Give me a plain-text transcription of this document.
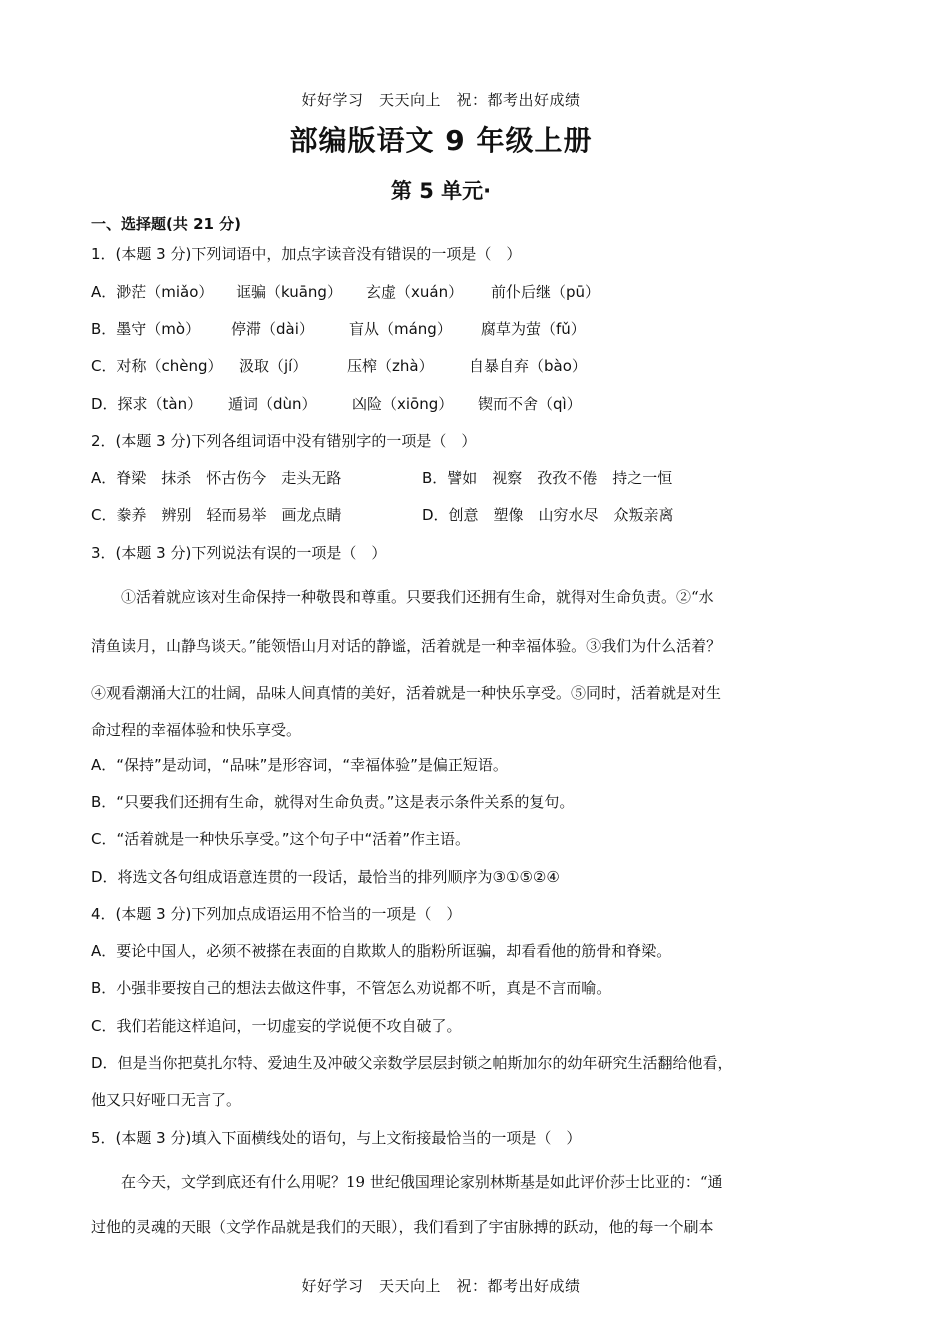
好好学习　天天向上　祝：都考出好成绩
部编版语文 9 年级上册
第 5 单元·
一、选择题(共 21 分)
1．(本题 3 分)下列词语中，加点字读音没有错误的一项是（　）
A．渺茫（miǎo） 诓骗（kuāng） 玄虚（xuán） 前仆后继（pū）
B．墨守（mò） 停滞（dài） 盲从（máng） 腐草为萤（fǔ）
C．对称（chèng） 汲取（jí）	压榨（zhà） 自暴自弃（bào）
D．探求（tàn） 遁词（dùn） 凶险（xiōng） 锲而不舍（qì）
2．(本题 3 分)下列各组词语中没有错别字的一项是（　）
A．脊梁　抹杀　怀古伤今　走头无路	B．譬如　视察　孜孜不倦　持之一恒
C．豢养　辨别　轻而易举　画龙点睛	D．创意　塑像　山穷水尽　众叛亲离
3．(本题 3 分)下列说法有误的一项是（　）
　　①活着就应该对生命保持一种敬畏和尊重。只要我们还拥有生命，就得对生命负责。②“水
清鱼读月，山静鸟谈天。”能领悟山月对话的静谧，活着就是一种幸福体验。③我们为什么活着？
④观看潮涌大江的壮阔，品味人间真情的美好，活着就是一种快乐享受。⑤同时，活着就是对生
命过程的幸福体验和快乐享受。
A．“保持”是动词，“品味”是形容词，“幸福体验”是偏正短语。
B．“只要我们还拥有生命，就得对生命负责。”这是表示条件关系的复句。
C．“活着就是一种快乐享受。”这个句子中“活着”作主语。
D．将选文各句组成语意连贯的一段话，最恰当的排列顺序为③①⑤②④
4．(本题 3 分)下列加点成语运用不恰当的一项是（　）
A．要论中国人，必须不被搽在表面的自欺欺人的脂粉所诓骗，却看看他的筋骨和脊梁。
B．小强非要按自己的想法去做这件事，不管怎么劝说都不听，真是不言而喻。
C．我们若能这样追问，一切虚妄的学说便不攻自破了。
D．但是当你把莫扎尔特、爱迪生及冲破父亲数学层层封锁之帕斯加尔的幼年研究生活翻给他看，
他又只好哑口无言了。
5．(本题 3 分)填入下面横线处的语句，与上文衔接最恰当的一项是（　）
　　在今天，文学到底还有什么用呢？19 世纪俄国理论家别林斯基是如此评价莎士比亚的：“通
过他的灵魂的天眼（文学作品就是我们的天眼），我们看到了宇宙脉搏的跃动，他的每一个刷本
好好学习　天天向上　祝：都考出好成绩
